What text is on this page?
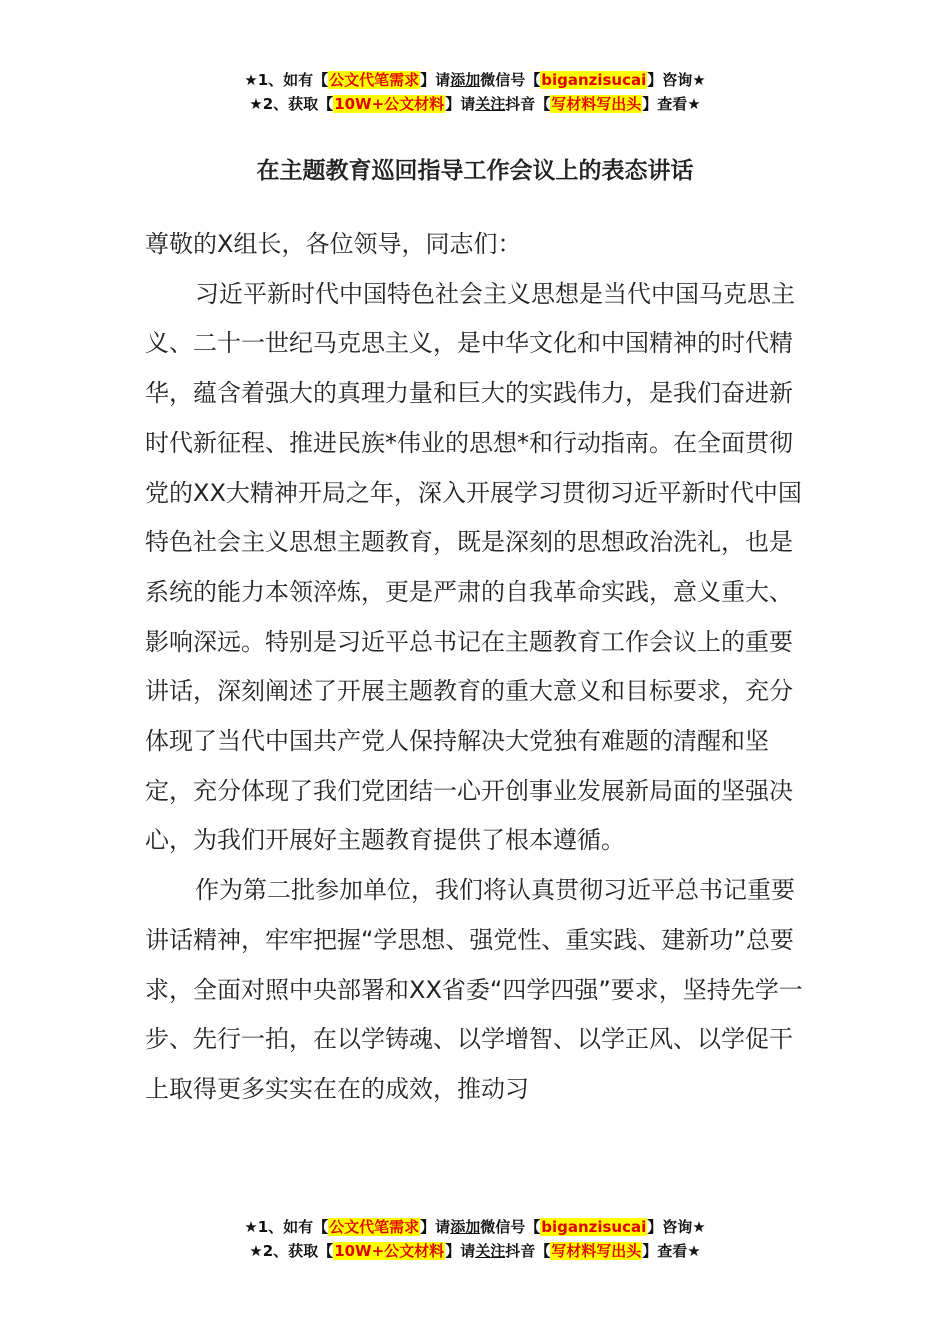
★1、如有【公文代笔需求】请添加微信号【biganzisucai】咨询★
★2、获取【10W+公文材料】请关注抖音【写材料写出头】查看★
在主题教育巡回指导工作会议上的表态讲话

尊敬的X组长，各位领导，同志们：

习近平新时代中国特色社会主义思想是当代中国马克思主义、二十一世纪马克思主义，是中华文化和中国精神的时代精华，蕴含着强大的真理力量和巨大的实践伟力，是我们奋进新时代新征程、推进民族*伟业的思想*和行动指南。在全面贯彻党的XX大精神开局之年，深入开展学习贯彻习近平新时代中国特色社会主义思想主题教育，既是深刻的思想政治洗礼，也是系统的能力本领淬炼，更是严肃的自我革命实践，意义重大、影响深远。特别是习近平总书记在主题教育工作会议上的重要讲话，深刻阐述了开展主题教育的重大意义和目标要求，充分体现了当代中国共产党人保持解决大党独有难题的清醒和坚定，充分体现了我们党团结一心开创事业发展新局面的坚强决心，为我们开展好主题教育提供了根本遵循。

作为第二批参加单位，我们将认真贯彻习近平总书记重要讲话精神，牢牢把握“学思想、强党性、重实践、建新功”总要求，全面对照中央部署和XX省委“四学四强”要求，坚持先学一步、先行一拍，在以学铸魂、以学增智、以学正风、以学促干上取得更多实实在在的成效，推动习

★1、如有【公文代笔需求】请添加微信号【biganzisucai】咨询★
★2、获取【10W+公文材料】请关注抖音【写材料写出头】查看★
